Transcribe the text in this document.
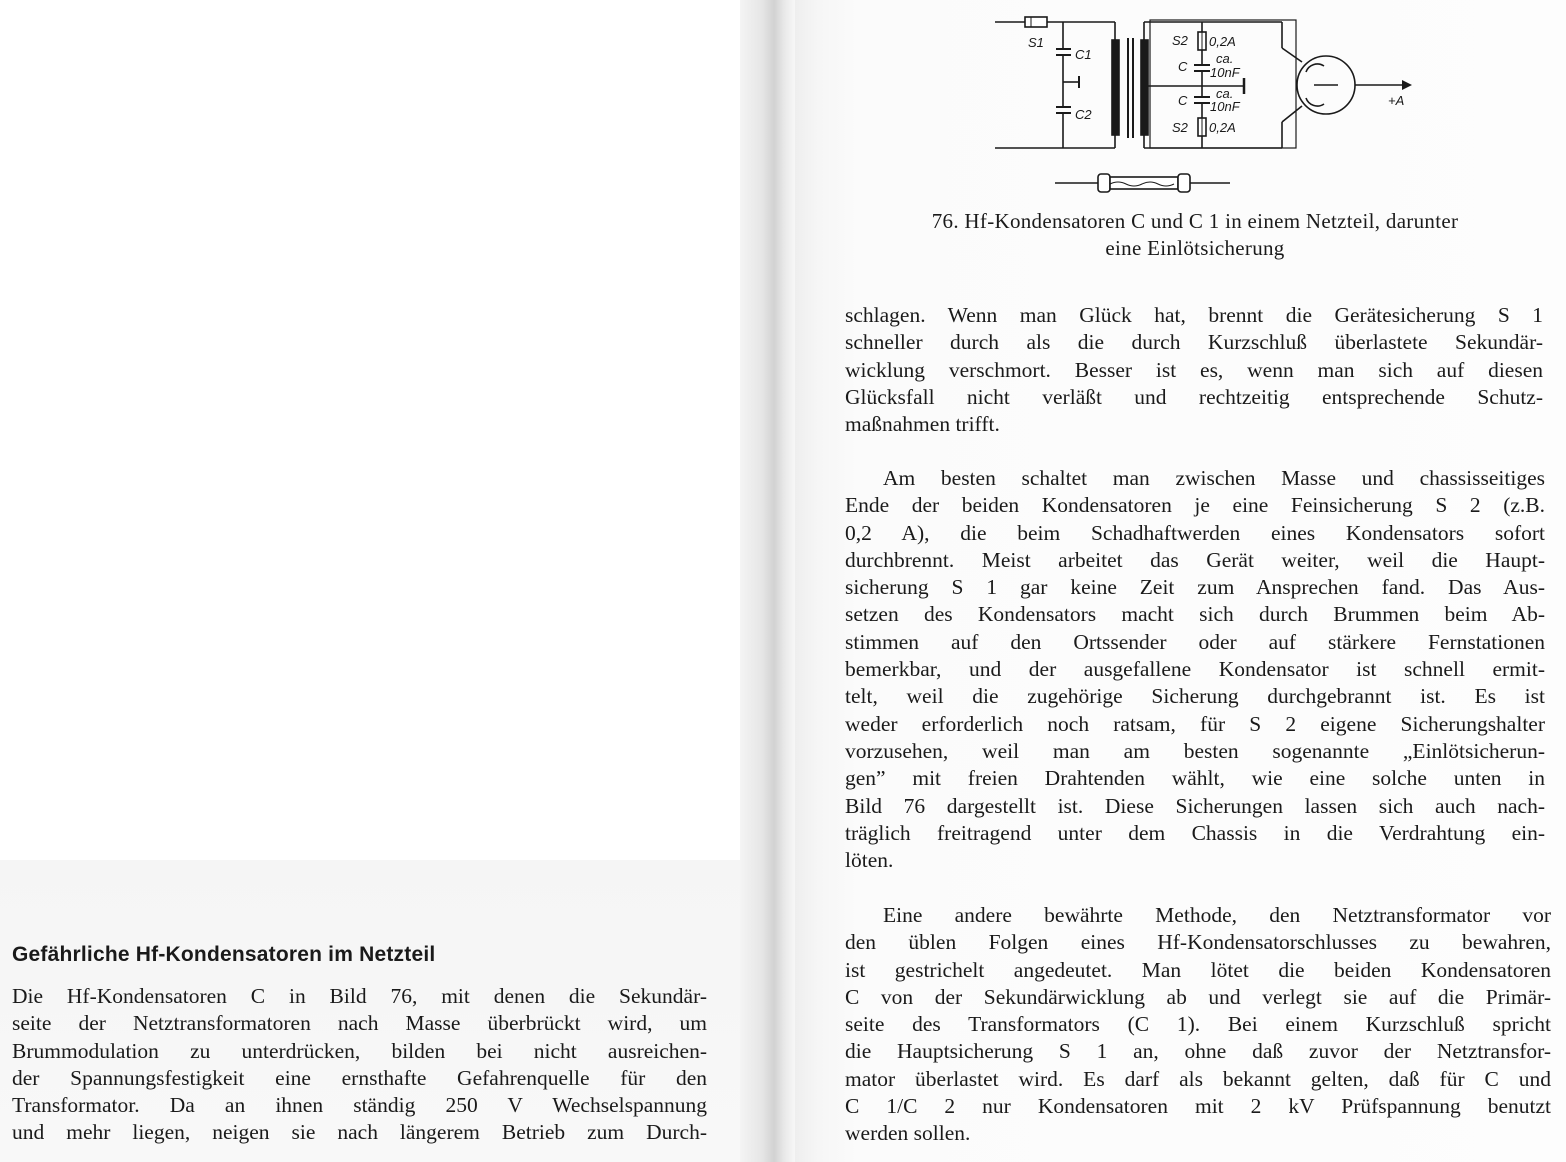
Gefährliche Hf-Kondensatoren im Netzteil
Die Hf-Kondensatoren C in Bild 76, mit denen die Sekundär-
seite der Netztransformatoren nach Masse überbrückt wird, um
Brummodulation zu unterdrücken, bilden bei nicht ausreichen-
der Spannungsfestigkeit eine ernsthafte Gefahrenquelle für den
Transformator. Da an ihnen ständig 250 V Wechselspannung
und mehr liegen, neigen sie nach längerem Betrieb zum Durch-
S1
C1
C2
S2 0,2A
C
ca.
10nF
C ca.
10nF
S2 0,2A
+A
76. Hf-Kondensatoren C und C 1 in einem Netzteil, darunter
eine Einlötsicherung
schlagen. Wenn man Glück hat, brennt die Gerätesicherung S 1
schneller durch als die durch Kurzschluß überlastete Sekundär-
wicklung verschmort. Besser ist es, wenn man sich auf diesen
Glücksfall nicht verläßt und rechtzeitig entsprechende Schutz-
maßnahmen trifft.
Am besten schaltet man zwischen Masse und chassisseitiges
Ende der beiden Kondensatoren je eine Feinsicherung S 2 (z.B.
0,2 A), die beim Schadhaftwerden eines Kondensators sofort
durchbrennt. Meist arbeitet das Gerät weiter, weil die Haupt-
sicherung S 1 gar keine Zeit zum Ansprechen fand. Das Aus-
setzen des Kondensators macht sich durch Brummen beim Ab-
stimmen auf den Ortssender oder auf stärkere Fernstationen
bemerkbar, und der ausgefallene Kondensator ist schnell ermit-
telt, weil die zugehörige Sicherung durchgebrannt ist. Es ist
weder erforderlich noch ratsam, für S 2 eigene Sicherungshalter
vorzusehen, weil man am besten sogenannte „Einlötsicherun-
gen” mit freien Drahtenden wählt, wie eine solche unten in
Bild 76 dargestellt ist. Diese Sicherungen lassen sich auch nach-
träglich freitragend unter dem Chassis in die Verdrahtung ein-
löten.
Eine andere bewährte Methode, den Netztransformator vor
den üblen Folgen eines Hf-Kondensatorschlusses zu bewahren,
ist gestrichelt angedeutet. Man lötet die beiden Kondensatoren
C von der Sekundärwicklung ab und verlegt sie auf die Primär-
seite des Transformators (C 1). Bei einem Kurzschluß spricht
die Hauptsicherung S 1 an, ohne daß zuvor der Netztransfor-
mator überlastet wird. Es darf als bekannt gelten, daß für C und
C 1/C 2 nur Kondensatoren mit 2 kV Prüfspannung benutzt
werden sollen.
